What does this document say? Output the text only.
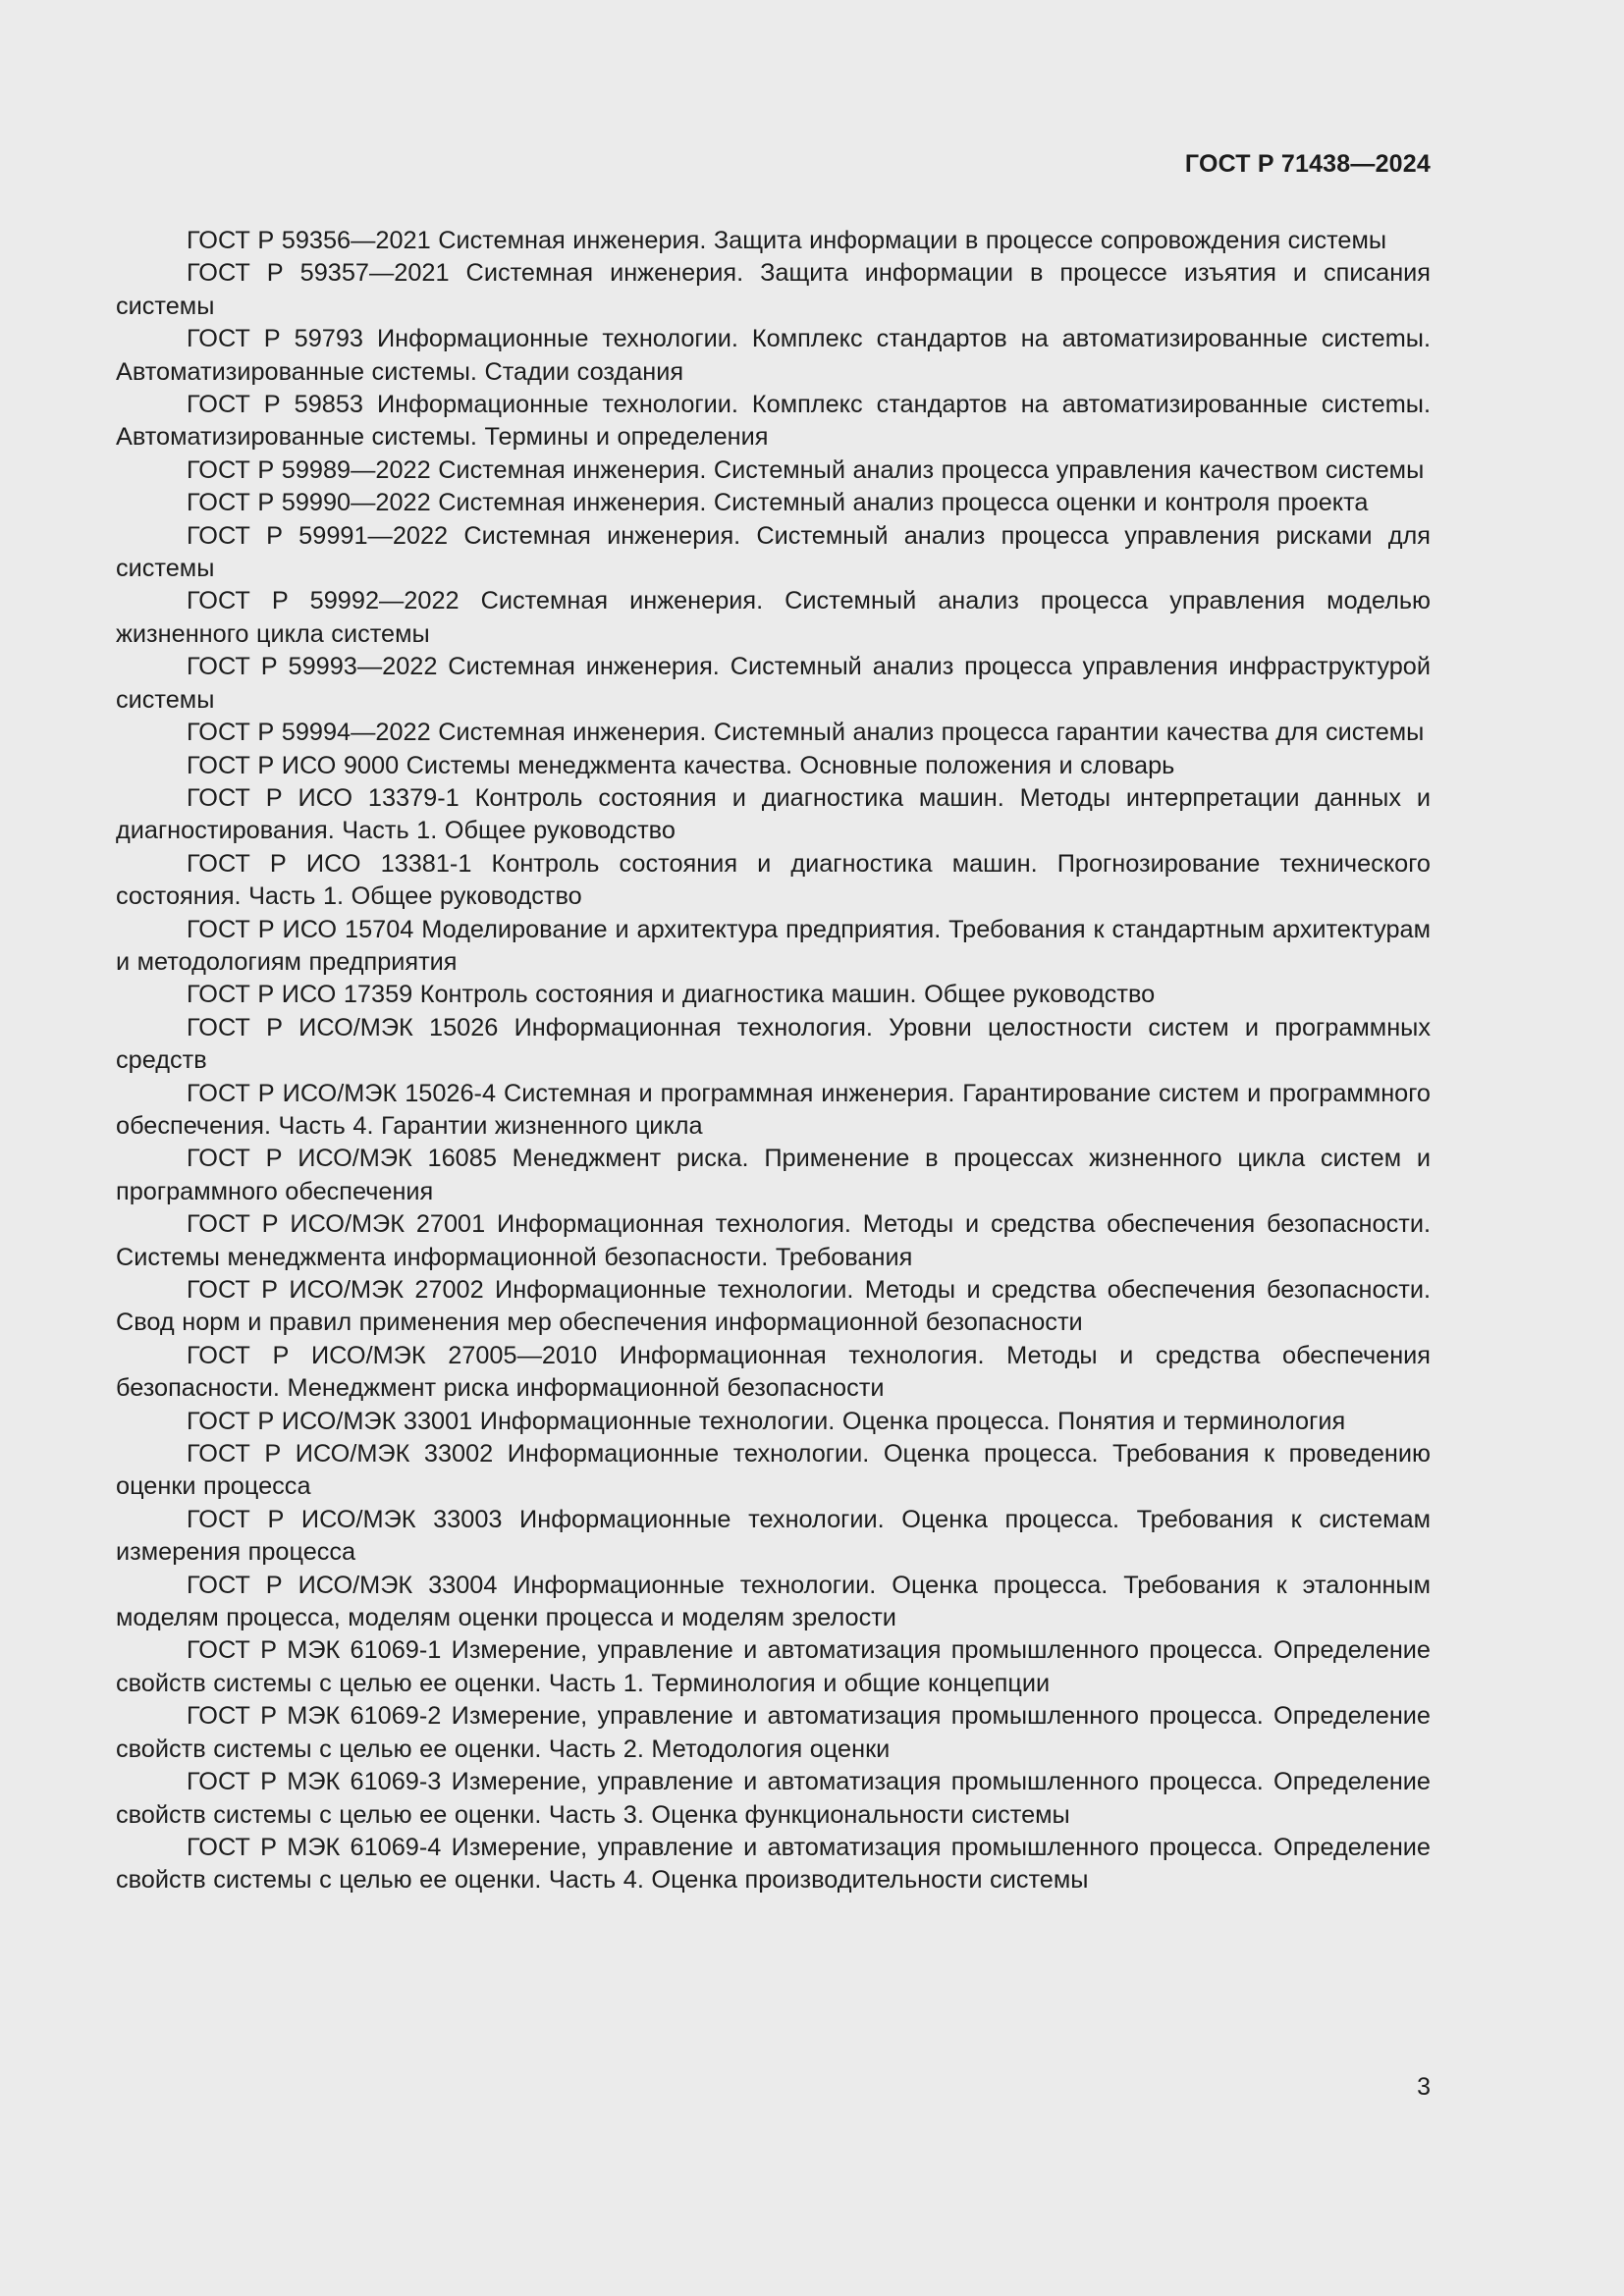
ГОСТ Р 71438—2024
ГОСТ Р 59356—2021 Системная инженерия. Защита информации в процессе сопровождения системы
ГОСТ Р 59357—2021 Системная инженерия. Защита информации в процессе изъятия и списания системы
ГОСТ Р 59793 Информационные технологии. Комплекс стандартов на автоматизированные систеmы. Автоматизированные системы. Стадии создания
ГОСТ Р 59853 Информационные технологии. Комплекс стандартов на автоматизированные систеmы. Автоматизированные системы. Термины и определения
ГОСТ Р 59989—2022 Системная инженерия. Системный анализ процесса управления качеством системы
ГОСТ Р 59990—2022 Системная инженерия. Системный анализ процесса оценки и контроля проекта
ГОСТ Р 59991—2022 Системная инженерия. Системный анализ процесса управления рисками для системы
ГОСТ Р 59992—2022 Системная инженерия. Системный анализ процесса управления моделью жизненного цикла системы
ГОСТ Р 59993—2022 Системная инженерия. Системный анализ процесса управления инфраструктурой системы
ГОСТ Р 59994—2022 Системная инженерия. Системный анализ процесса гарантии качества для системы
ГОСТ Р ИСО 9000 Системы менеджмента качества. Основные положения и словарь
ГОСТ Р ИСО 13379-1 Контроль состояния и диагностика машин. Методы интерпретации данных и диагностирования. Часть 1. Общее руководство
ГОСТ Р ИСО 13381-1 Контроль состояния и диагностика машин. Прогнозирование технического состояния. Часть 1. Общее руководство
ГОСТ Р ИСО 15704 Моделирование и архитектура предприятия. Требования к стандартным архитектурам и методологиям предприятия
ГОСТ Р ИСО 17359 Контроль состояния и диагностика машин. Общее руководство
ГОСТ Р ИСО/МЭК 15026 Информационная технология. Уровни целостности систем и программных средств
ГОСТ Р ИСО/МЭК 15026-4 Системная и программная инженерия. Гарантирование систем и программного обеспечения. Часть 4. Гарантии жизненного цикла
ГОСТ Р ИСО/МЭК 16085 Менеджмент риска. Применение в процессах жизненного цикла систем и программного обеспечения
ГОСТ Р ИСО/МЭК 27001 Информационная технология. Методы и средства обеспечения безопасности. Системы менеджмента информационной безопасности. Требования
ГОСТ Р ИСО/МЭК 27002 Информационные технологии. Методы и средства обеспечения безопасности. Свод норм и правил применения мер обеспечения информационной безопасности
ГОСТ Р ИСО/МЭК 27005—2010 Информационная технология. Методы и средства обеспечения безопасности. Менеджмент риска информационной безопасности
ГОСТ Р ИСО/МЭК 33001 Информационные технологии. Оценка процесса. Понятия и терминология
ГОСТ Р ИСО/МЭК 33002 Информационные технологии. Оценка процесса. Требования к проведению оценки процесса
ГОСТ Р ИСО/МЭК 33003 Информационные технологии. Оценка процесса. Требования к системам измерения процесса
ГОСТ Р ИСО/МЭК 33004 Информационные технологии. Оценка процесса. Требования к эталонным моделям процесса, моделям оценки процесса и моделям зрелости
ГОСТ Р МЭК 61069-1 Измерение, управление и автоматизация промышленного процесса. Определение свойств системы с целью ее оценки. Часть 1. Терминология и общие концепции
ГОСТ Р МЭК 61069-2 Измерение, управление и автоматизация промышленного процесса. Определение свойств системы с целью ее оценки. Часть 2. Методология оценки
ГОСТ Р МЭК 61069-3 Измерение, управление и автоматизация промышленного процесса. Определение свойств системы с целью ее оценки. Часть 3. Оценка функциональности системы
ГОСТ Р МЭК 61069-4 Измерение, управление и автоматизация промышленного процесса. Определение свойств системы с целью ее оценки. Часть 4. Оценка производительности системы
3
